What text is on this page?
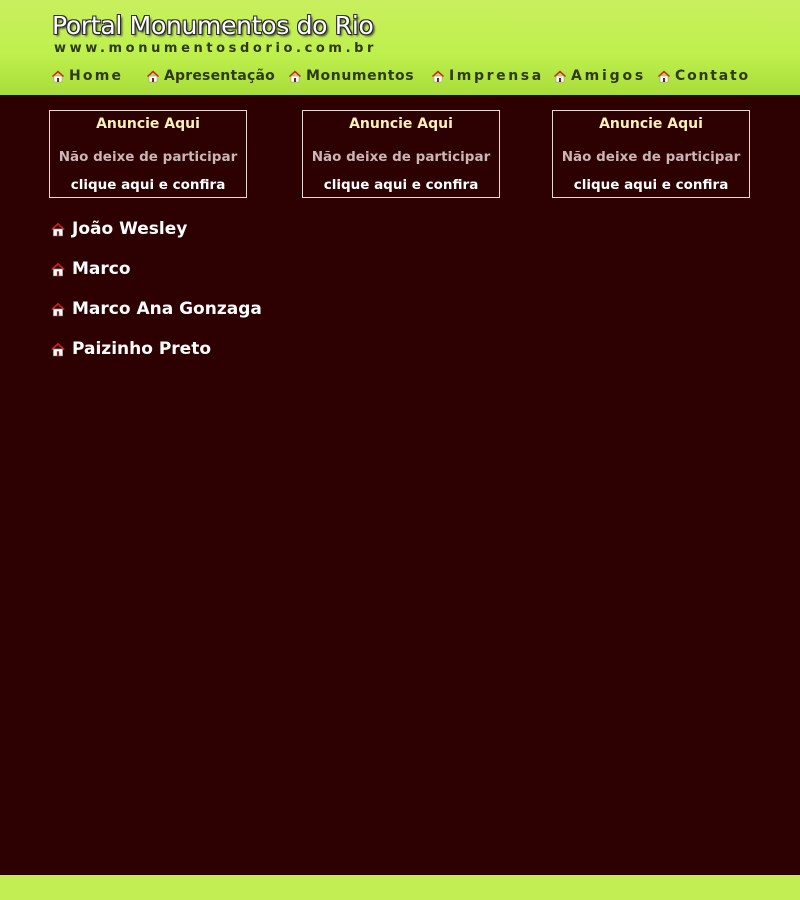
Portal Monumentos do Rio
www.monumentosdorio.com.br
Home	Apresentação Monumentos Imprensa Amigos Contato
Anuncie Aqui
Não deixe de participar
clique aqui e confira
Anuncie Aqui
Não deixe de participar
clique aqui e confira
Anuncie Aqui
Não deixe de participar
clique aqui e confira
João Wesley
Marco
Marco Ana Gonzaga
Paizinho Preto
